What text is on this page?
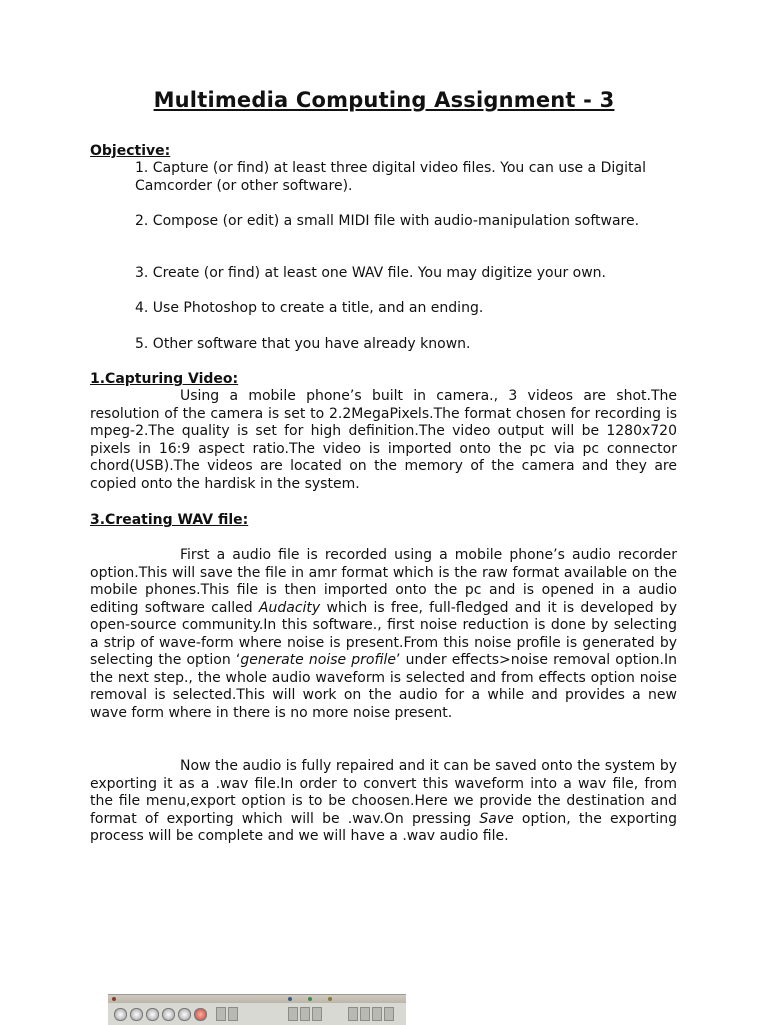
Multimedia Computing Assignment - 3
Objective:
1. Capture (or find) at least three digital video files. You can use a Digital Camcorder (or other software).
2. Compose (or edit) a small MIDI file with audio-manipulation software.
3. Create (or find) at least one WAV file. You may digitize your own.
4. Use Photoshop to create a title, and an ending.
5. Other software that you have already known.
1.Capturing Video:
Using a mobile phone’s built in camera., 3 videos are shot.The resolution of the camera is set to 2.2MegaPixels.The format chosen for recording is mpeg-2.The quality is set for high definition.The video output will be 1280x720 pixels in 16:9 aspect ratio.The video is imported onto the pc via pc connector chord(USB).The videos are located on the memory of the camera and they are copied onto the hardisk in the system.
3.Creating WAV file:
First a audio file is recorded using a mobile phone’s audio recorder option.This will save the file in amr format which is the raw format available on the mobile phones.This file is then imported onto the pc and is opened in a audio editing software called Audacity which is free, full-fledged and it is developed by open-source community.In this software., first noise reduction is done by selecting a strip of wave-form where noise is present.From this noise profile is generated by selecting the option ‘generate noise profile’ under effects>noise removal option.In the next step., the whole audio waveform is selected and from effects option noise removal is selected.This will work on the audio for a while and provides a new wave form where in there is no more noise present.
Now the audio is fully repaired and it can be saved onto the system by exporting it as a .wav file.In order to convert this waveform into a wav file, from the file menu,export option is to be choosen.Here we provide the destination and format of exporting which will be .wav.On pressing Save option, the exporting process will be complete and we will have a .wav audio file.
